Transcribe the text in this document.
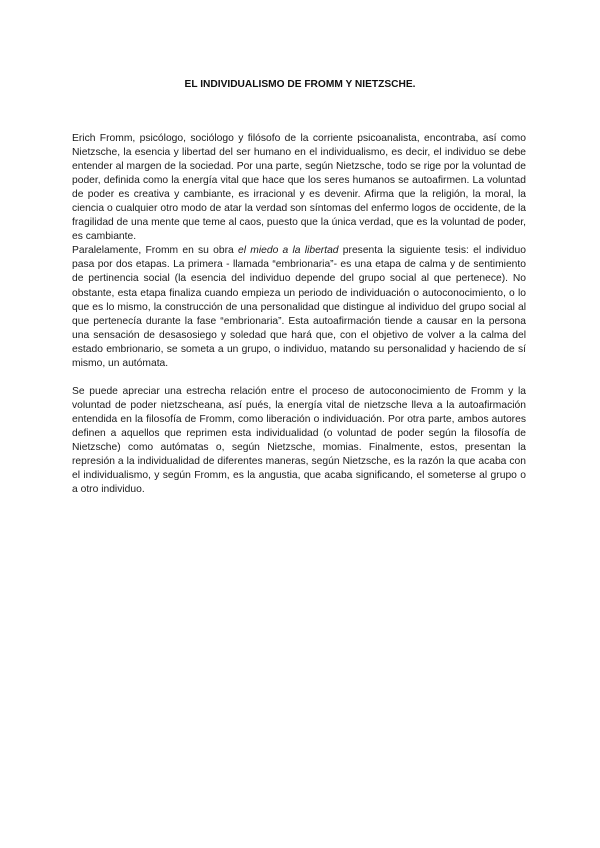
EL INDIVIDUALISMO DE FROMM Y NIETZSCHE.

Erich Fromm, psicólogo, sociólogo y filósofo de la corriente psicoanalista, encontraba, así como Nietzsche, la esencia y libertad del ser humano en el individualismo, es decir, el individuo se debe entender al margen de la sociedad. Por una parte, según Nietzsche, todo se rige por la voluntad de poder, definida como la energía vital que hace que los seres humanos se autoafirmen. La voluntad de poder es creativa y cambiante, es irracional y es devenir. Afirma que la religión, la moral, la ciencia o cualquier otro modo de atar la verdad son síntomas del enfermo logos de occidente, de la fragilidad de una mente que teme al caos, puesto que la única verdad, que es la voluntad de poder, es cambiante.

Paralelamente, Fromm en su obra el miedo a la libertad presenta la siguiente tesis: el individuo pasa por dos etapas. La primera - llamada “embrionaria”- es una etapa de calma y de sentimiento de pertinencia social (la esencia del individuo depende del grupo social al que pertenece). No obstante, esta etapa finaliza cuando empieza un periodo de individuación o autoconocimiento, o lo que es lo mismo, la construcción de una personalidad que distingue al individuo del grupo social al que pertenecía durante la fase “embrionaria”. Esta autoafirmación tiende a causar en la persona una sensación de desasosiego y soledad que hará que, con el objetivo de volver a la calma del estado embrionario, se someta a un grupo, o individuo, matando su personalidad y haciendo de sí mismo, un autómata.

Se puede apreciar una estrecha relación entre el proceso de autoconocimiento de Fromm y la voluntad de poder nietzscheana, así pués, la energía vital de nietzsche lleva a la autoafirmación entendida en la filosofía de Fromm, como liberación o individuación. Por otra parte, ambos autores definen a aquellos que reprimen esta individualidad (o voluntad de poder según la filosofía de Nietzsche) como autómatas o, según Nietzsche, momias. Finalmente, estos, presentan la represión a la individualidad de diferentes maneras, según Nietzsche, es la razón la que acaba con el individualismo, y según Fromm, es la angustia, que acaba significando, el someterse al grupo o a otro individuo.
